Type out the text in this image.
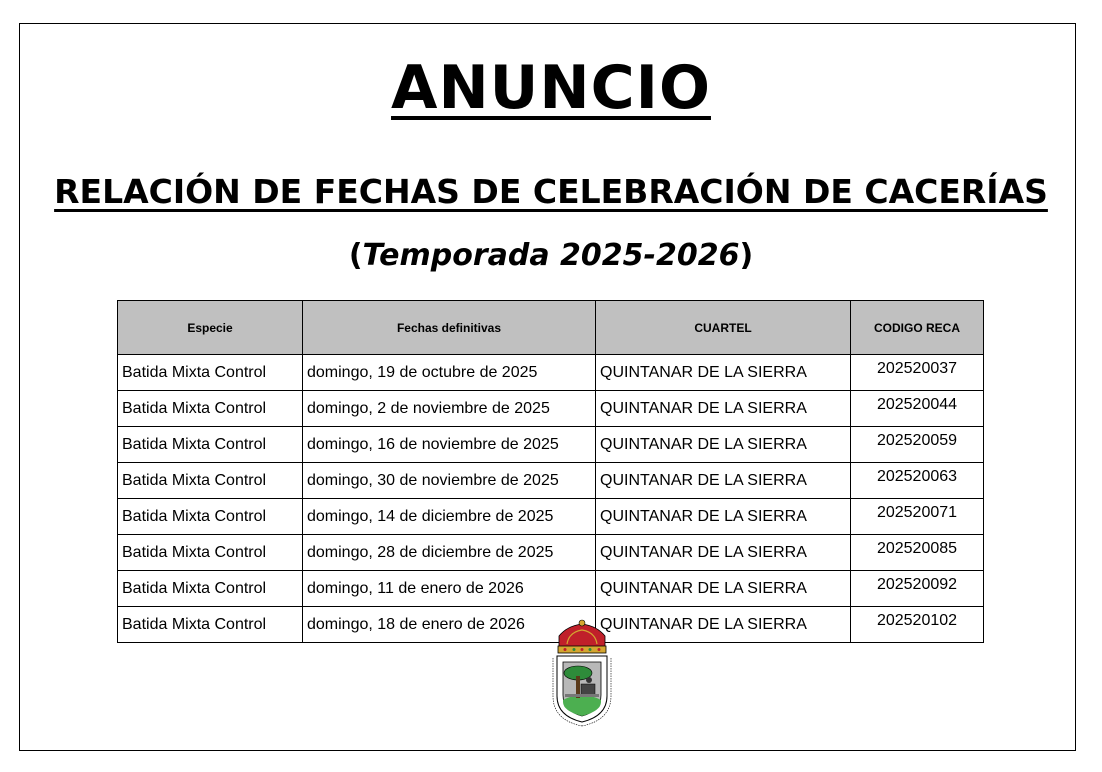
ANUNCIO
RELACIÓN DE FECHAS DE CELEBRACIÓN DE CACERÍAS
(Temporada 2025-2026)
Especie	Fechas definitivas	CUARTEL	CODIGO RECA
Batida Mixta Control	domingo, 19 de octubre de 2025	QUINTANAR DE LA SIERRA	202520037
Batida Mixta Control	domingo, 2 de noviembre de 2025	QUINTANAR DE LA SIERRA	202520044
Batida Mixta Control	domingo, 16 de noviembre de 2025	QUINTANAR DE LA SIERRA	202520059
Batida Mixta Control	domingo, 30 de noviembre de 2025	QUINTANAR DE LA SIERRA	202520063
Batida Mixta Control	domingo, 14 de diciembre de 2025	QUINTANAR DE LA SIERRA	202520071
Batida Mixta Control	domingo, 28 de diciembre de 2025	QUINTANAR DE LA SIERRA	202520085
Batida Mixta Control	domingo, 11 de enero de 2026	QUINTANAR DE LA SIERRA	202520092
Batida Mixta Control	domingo, 18 de enero de 2026	QUINTANAR DE LA SIERRA	202520102
